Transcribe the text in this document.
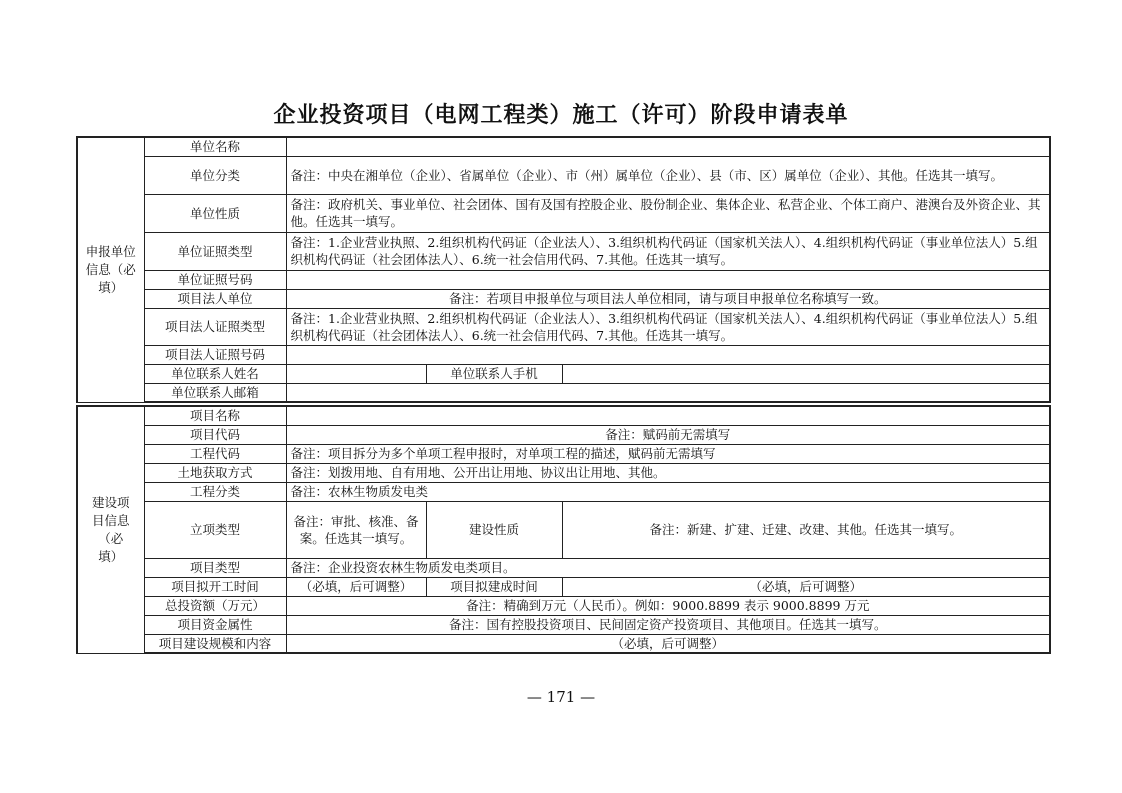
企业投资项目（电网工程类）施工（许可）阶段申请表单
申报单位信息（必填）	单位名称			
	单位分类	备注：中央在湘单位（企业）、省属单位（企业）、市（州）属单位（企业）、县（市、区）属单位（企业）、其他。任选其一填写。		
	单位性质	备注：政府机关、事业单位、社会团体、国有及国有控股企业、股份制企业、集体企业、私营企业、个体工商户、港澳台及外资企业、其他。任选其一填写。		
	单位证照类型	备注：1.企业营业执照、2.组织机构代码证（企业法人）、3.组织机构代码证（国家机关法人）、4.组织机构代码证（事业单位法人）5.组织机构代码证（社会团体法人）、6.统一社会信用代码、7.其他。任选其一填写。		
	单位证照号码			
	项目法人单位	备注：若项目申报单位与项目法人单位相同，请与项目申报单位名称填写一致。		
	项目法人证照类型	备注：1.企业营业执照、2.组织机构代码证（企业法人）、3.组织机构代码证（国家机关法人）、4.组织机构代码证（事业单位法人）5.组织机构代码证（社会团体法人）、6.统一社会信用代码、7.其他。任选其一填写。		
	项目法人证照号码			
	单位联系人姓名		单位联系人手机	
	单位联系人邮箱			
建设项目信息（必填）	项目名称			
	项目代码	备注：赋码前无需填写		
	工程代码	备注：项目拆分为多个单项工程申报时，对单项工程的描述，赋码前无需填写		
	土地获取方式	备注：划拨用地、自有用地、公开出让用地、协议出让用地、其他。		
	工程分类	备注：农林生物质发电类		
	立项类型	备注：审批、核准、备案。任选其一填写。	建设性质	备注：新建、扩建、迁建、改建、其他。任选其一填写。
	项目类型	备注：企业投资农林生物质发电类项目。		
	项目拟开工时间	（必填，后可调整）	项目拟建成时间	（必填，后可调整）
	总投资额（万元）	备注：精确到万元（人民币）。例如：9000.8899 表示 9000.8899 万元		
	项目资金属性	备注：国有控股投资项目、民间固定资产投资项目、其他项目。任选其一填写。		
	项目建设规模和内容	（必填，后可调整）		
— 171 —
